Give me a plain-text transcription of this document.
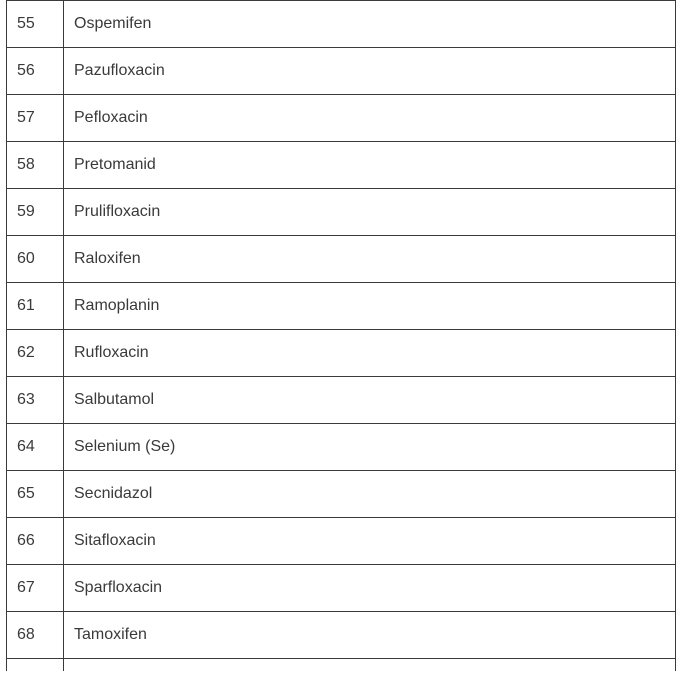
55	Ospemifen
56	Pazufloxacin
57	Pefloxacin
58	Pretomanid
59	Prulifloxacin
60	Raloxifen
61	Ramoplanin
62	Rufloxacin
63	Salbutamol
64	Selenium (Se)
65	Secnidazol
66	Sitafloxacin
67	Sparfloxacin
68	Tamoxifen
